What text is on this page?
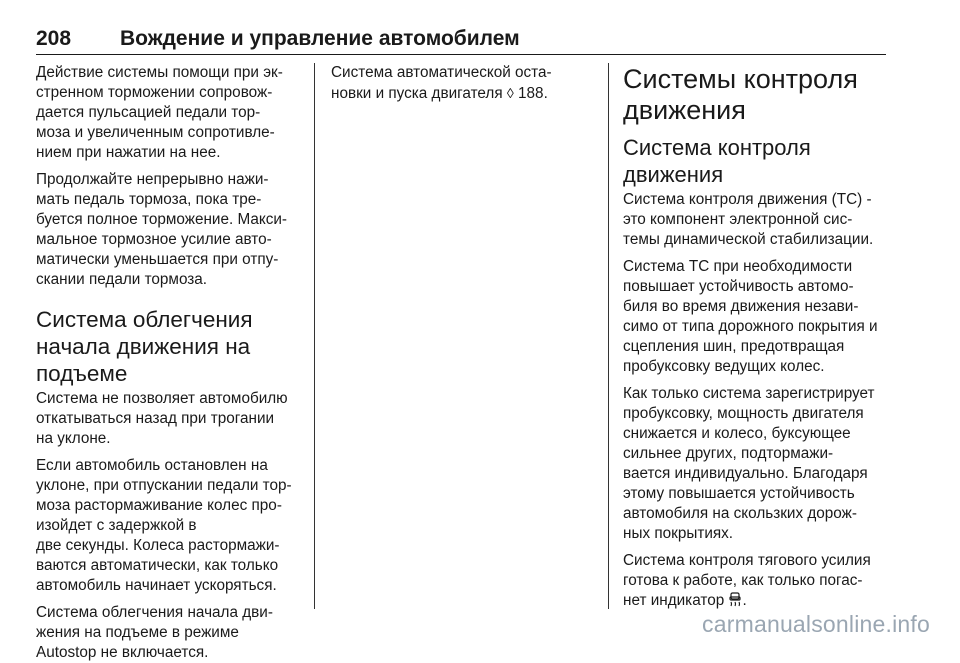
208 Вождение и управление автомобилем

Действие системы помощи при эк-
стренном торможении сопровож-
дается пульсацией педали тор-
моза и увеличенным сопротивле-
нием при нажатии на нее.

Продолжайте непрерывно нажи-
мать педаль тормоза, пока тре-
буется полное торможение. Макси-
мальное тормозное усилие авто-
матически уменьшается при отпу-
скании педали тормоза.

Система облегчения
начала движения на
подъеме

Система не позволяет автомобилю
откатываться назад при трогании
на уклоне.

Если автомобиль остановлен на
уклоне, при отпускании педали тор-
моза растормаживание колес про-
изойдет с задержкой в
две секунды. Колеса растормажи-
ваются автоматически, как только
автомобиль начинает ускоряться.

Система облегчения начала дви-
жения на подъеме в режиме
Autostop не включается.

Система автоматической оста-
новки и пуска двигателя ◊ 188.	Системы контроля
движения
Система контроля
движения

Система контроля движения (TC) -
это компонент электронной сис-
темы динамической стабилизации.

Система TC при необходимости
повышает устойчивость автомо-
биля во время движения незави-
симо от типа дорожного покрытия и
сцепления шин, предотвращая
пробуксовку ведущих колес.

Как только система зарегистрирует
пробуксовку, мощность двигателя
снижается и колесо, буксующее
сильнее других, подтормажи-
вается индивидуально. Благодаря
этому повышается устойчивость
автомобиля на скользких дорож-
ных покрытиях.

Система контроля тягового усилия
готова к работе, как только погас-
нет индикатор .

carmanualsonline.info
